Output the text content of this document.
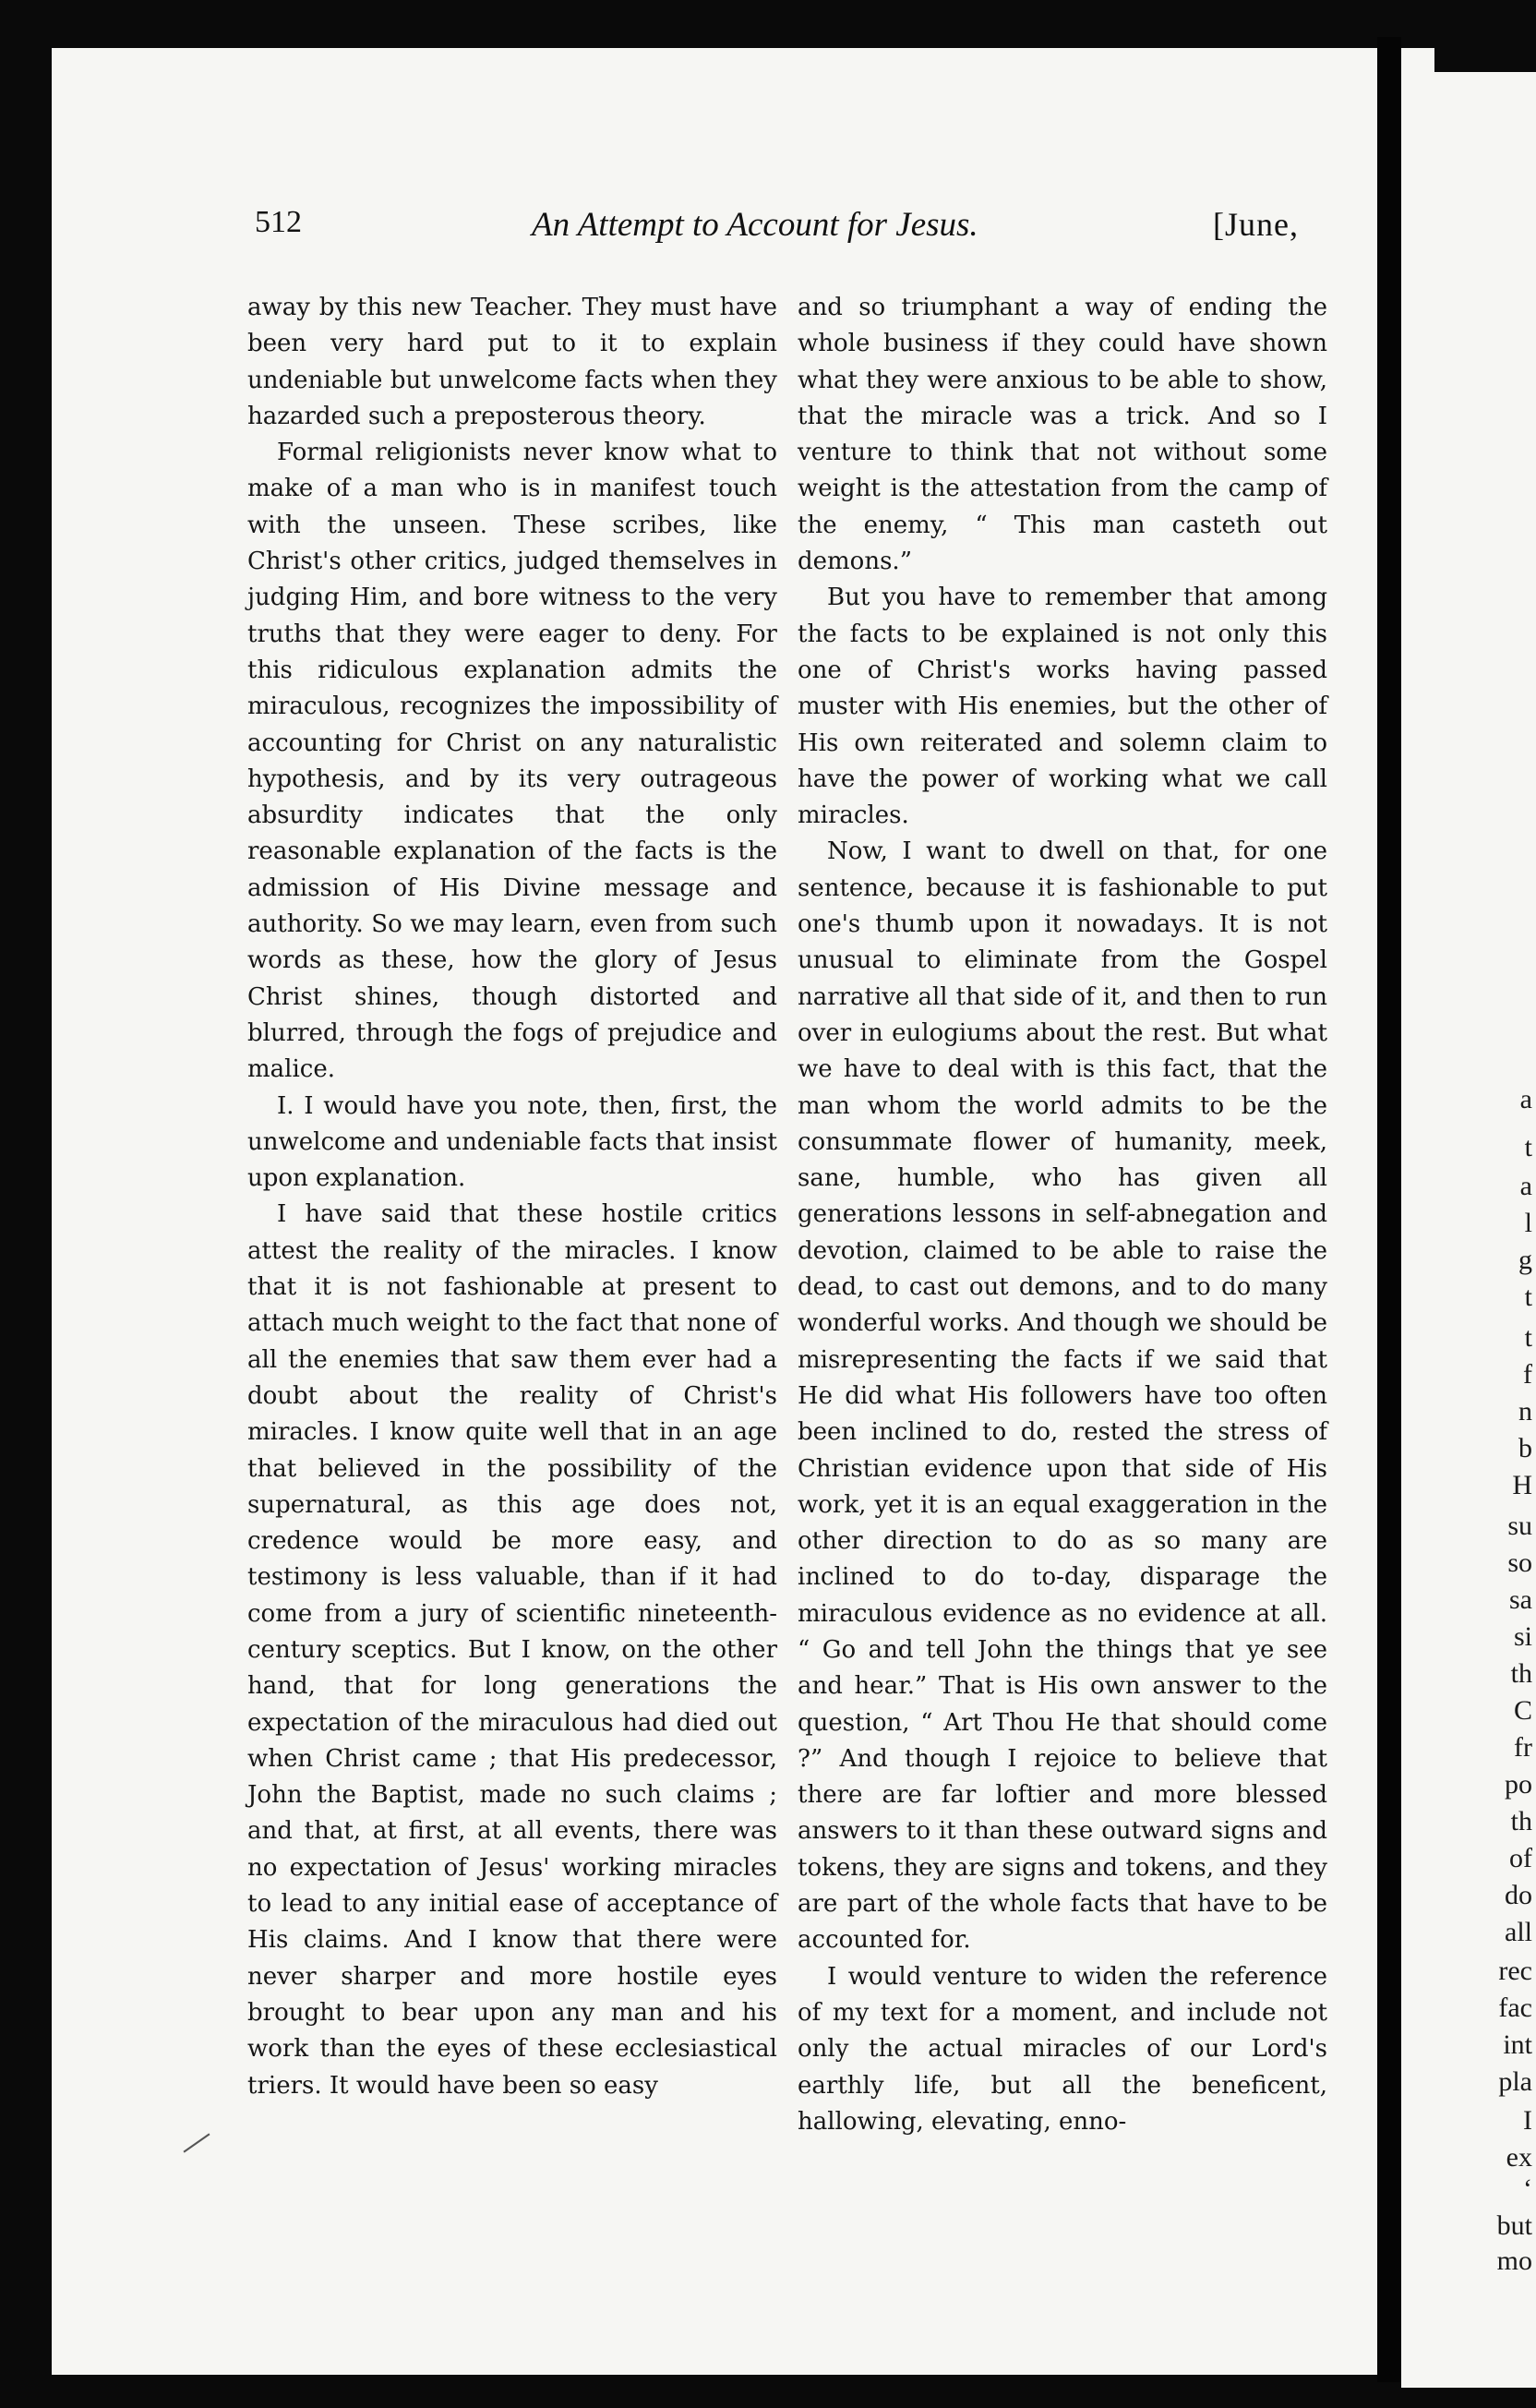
512	An Attempt to Account for Jesus.	[June,

away by this new Teacher. They must have been very hard put to it to explain undeniable but unwelcome facts when they hazarded such a preposterous theory.

Formal religionists never know what to make of a man who is in manifest touch with the unseen. These scribes, like Christ's other critics, judged themselves in judging Him, and bore witness to the very truths that they were eager to deny. For this ridiculous explanation admits the miraculous, recognizes the impossibility of accounting for Christ on any naturalistic hypothesis, and by its very outrageous absurdity indicates that the only reasonable explanation of the facts is the admission of His Divine message and authority. So we may learn, even from such words as these, how the glory of Jesus Christ shines, though distorted and blurred, through the fogs of prejudice and malice.

I. I would have you note, then, first, the unwelcome and undeniable facts that insist upon explanation.

I have said that these hostile critics attest the reality of the miracles. I know that it is not fashionable at present to attach much weight to the fact that none of all the enemies that saw them ever had a doubt about the reality of Christ's miracles. I know quite well that in an age that believed in the possibility of the supernatural, as this age does not, credence would be more easy, and testimony is less valuable, than if it had come from a jury of scientific nineteenth-century sceptics. But I know, on the other hand, that for long generations the expectation of the miraculous had died out when Christ came ; that His predecessor, John the Baptist, made no such claims ; and that, at first, at all events, there was no expectation of Jesus' working miracles to lead to any initial ease of acceptance of His claims. And I know that there were never sharper and more hostile eyes brought to bear upon any man and his work than the eyes of these ecclesiastical triers. It would have been so easy

and so triumphant a way of ending the whole business if they could have shown what they were anxious to be able to show, that the miracle was a trick. And so I venture to think that not without some weight is the attestation from the camp of the enemy, “ This man casteth out demons.”

But you have to remember that among the facts to be explained is not only this one of Christ's works having passed muster with His enemies, but the other of His own reiterated and solemn claim to have the power of working what we call miracles.

Now, I want to dwell on that, for one sentence, because it is fashionable to put one's thumb upon it nowadays. It is not unusual to eliminate from the Gospel narrative all that side of it, and then to run over in eulogiums about the rest. But what we have to deal with is this fact, that the man whom the world admits to be the consummate flower of humanity, meek, sane, humble, who has given all generations lessons in self-abnegation and devotion, claimed to be able to raise the dead, to cast out demons, and to do many wonderful works. And though we should be misrepresenting the facts if we said that He did what His followers have too often been inclined to do, rested the stress of Christian evidence upon that side of His work, yet it is an equal exaggeration in the other direction to do as so many are inclined to do to-day, disparage the miraculous evidence as no evidence at all. “ Go and tell John the things that ye see and hear.” That is His own answer to the question, “ Art Thou He that should come ?” And though I rejoice to believe that there are far loftier and more blessed answers to it than these outward signs and tokens, they are signs and tokens, and they are part of the whole facts that have to be accounted for.

I would venture to widen the reference of my text for a moment, and include not only the actual miracles of our Lord's earthly life, but all the beneficent, hallowing, elevating, enno-

a
t
a
l
g
t
t
f
n
b
H
su
so
sa
si
th
C
fr
po
th
of
do
all
rec
fac
int
pla
I
ex
‘
but
mo
